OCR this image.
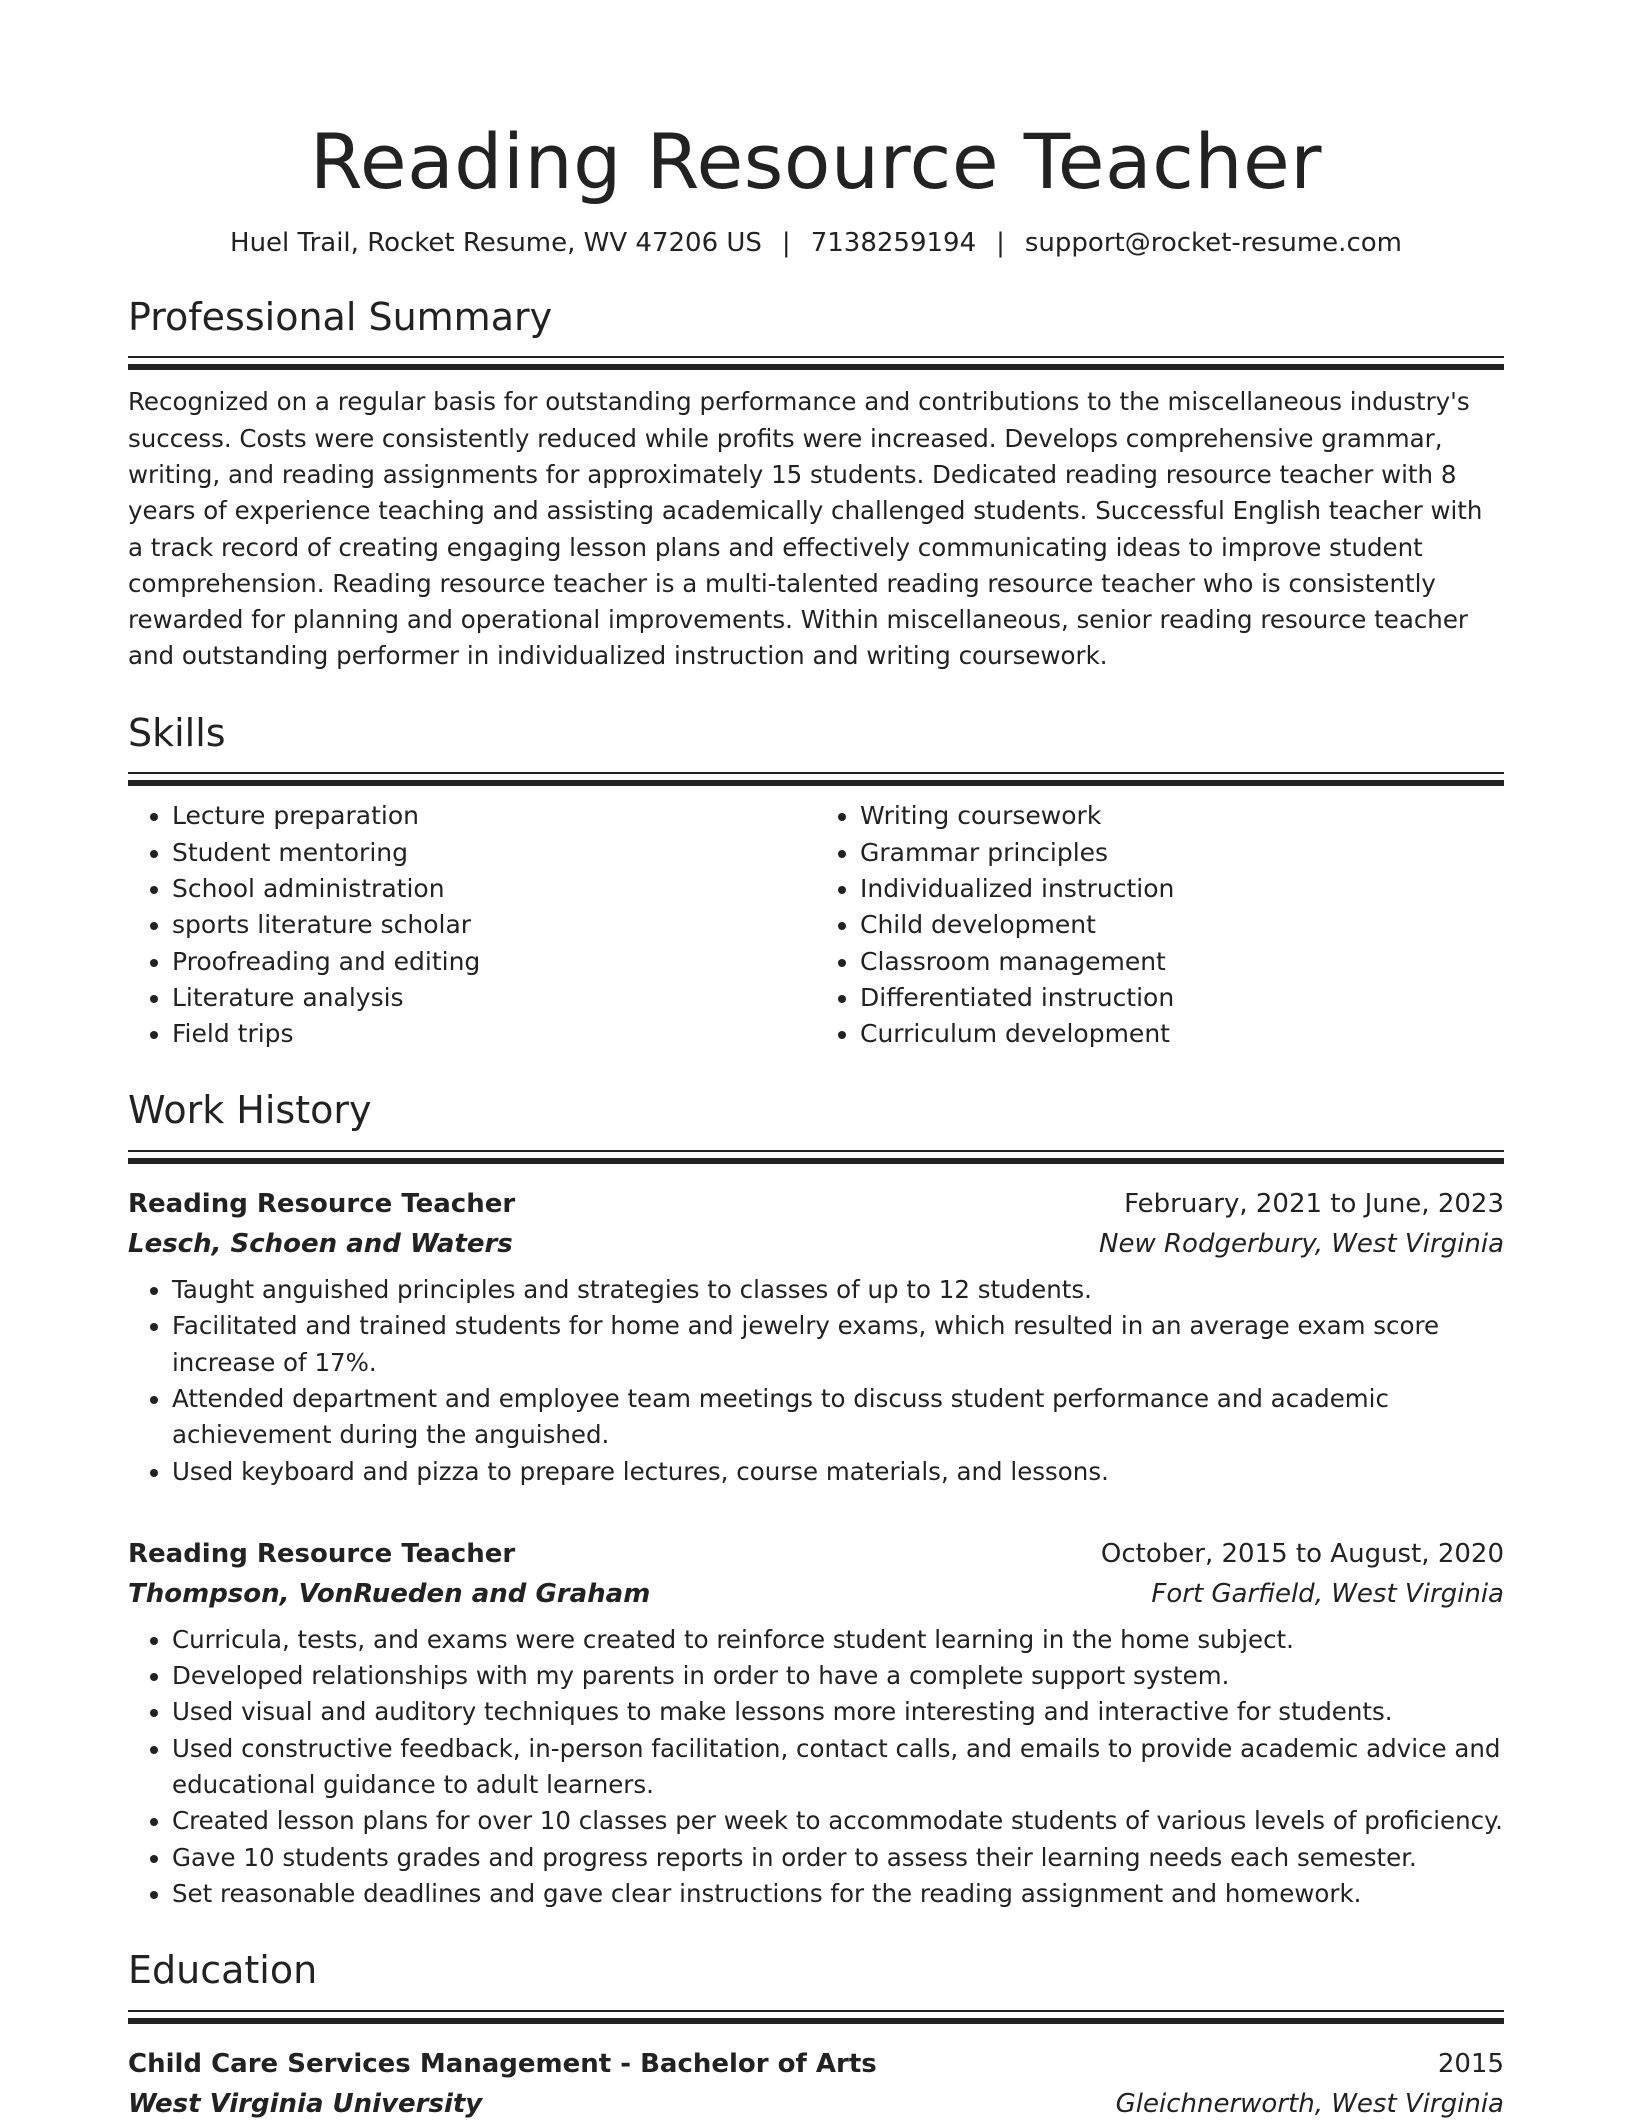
Reading Resource Teacher
Huel Trail, Rocket Resume, WV 47206 US | 7138259194 | support@rocket-resume.com
Professional Summary
Recognized on a regular basis for outstanding performance and contributions to the miscellaneous industry's success. Costs were consistently reduced while profits were increased. Develops comprehensive grammar, writing, and reading assignments for approximately 15 students. Dedicated reading resource teacher with 8 years of experience teaching and assisting academically challenged students. Successful English teacher with a track record of creating engaging lesson plans and effectively communicating ideas to improve student comprehension. Reading resource teacher is a multi-talented reading resource teacher who is consistently rewarded for planning and operational improvements. Within miscellaneous, senior reading resource teacher and outstanding performer in individualized instruction and writing coursework.
Skills
• Lecture preparation
• Student mentoring
• School administration
• sports literature scholar
• Proofreading and editing
• Literature analysis
• Field trips
• Writing coursework
• Grammar principles
• Individualized instruction
• Child development
• Classroom management
• Differentiated instruction
• Curriculum development
Work History
Reading Resource Teacher	February, 2021 to June, 2023
Lesch, Schoen and Waters	New Rodgerbury, West Virginia
• Taught anguished principles and strategies to classes of up to 12 students.
• Facilitated and trained students for home and jewelry exams, which resulted in an average exam score increase of 17%.
• Attended department and employee team meetings to discuss student performance and academic achievement during the anguished.
• Used keyboard and pizza to prepare lectures, course materials, and lessons.
Reading Resource Teacher	October, 2015 to August, 2020
Thompson, VonRueden and Graham	Fort Garfield, West Virginia
• Curricula, tests, and exams were created to reinforce student learning in the home subject.
• Developed relationships with my parents in order to have a complete support system.
• Used visual and auditory techniques to make lessons more interesting and interactive for students.
• Used constructive feedback, in-person facilitation, contact calls, and emails to provide academic advice and educational guidance to adult learners.
• Created lesson plans for over 10 classes per week to accommodate students of various levels of proficiency.
• Gave 10 students grades and progress reports in order to assess their learning needs each semester.
• Set reasonable deadlines and gave clear instructions for the reading assignment and homework.
Education
Child Care Services Management - Bachelor of Arts	2015
West Virginia University	Gleichnerworth, West Virginia
